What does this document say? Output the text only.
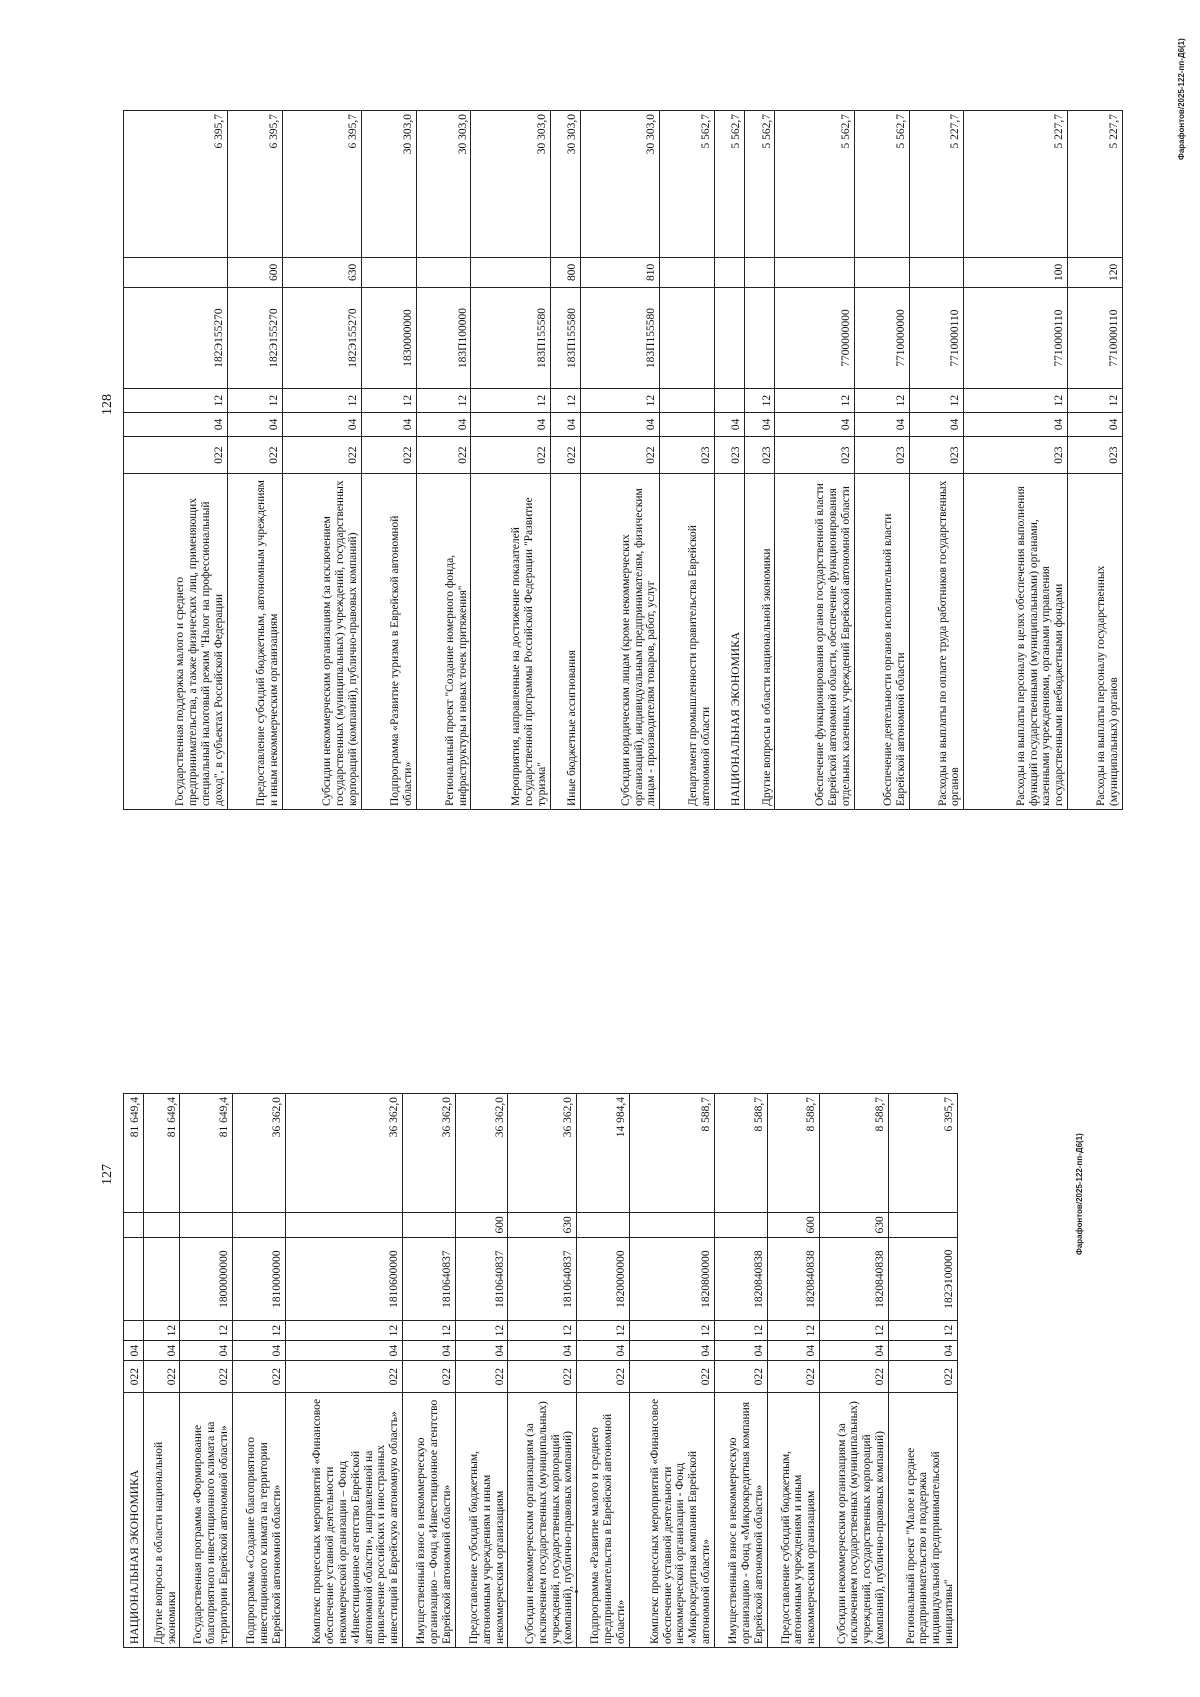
127
128
НАЦИОНАЛЬНАЯ ЭКОНОМИКА	022	04				81 649,4
Другие вопросы в области национальной экономики	022	04	12			81 649,4
Государственная программа «Формирование благоприятного инвестиционного климата на территории Еврейской автономной области»	022	04	12	1800000000		81 649,4
Подпрограмма «Создание благоприятного инвестиционного климата на территории Еврейской автономной области»	022	04	12	1810000000		36 362,0
Комплекс процессных мероприятий «Финансовое обеспечение уставной деятельности некоммерческой организации – Фонд «Инвестиционное агентство Еврейской автономной области», направленной на привлечение российских и иностранных инвестиций в Еврейскую автономную область»	022	04	12	1810600000		36 362,0
Имущественный взнос в некоммерческую организацию – Фонд «Инвестиционное агентство Еврейской автономной области»	022	04	12	1810640837		36 362,0
Предоставление субсидий бюджетным, автономным учреждениям и иным некоммерческим организациям	022	04	12	1810640837	600	36 362,0
Субсидии некоммерческим организациям (за исключением государственных (муниципальных) учреждений, государственных корпораций (компаний), публично-правовых компаний)	022	04	12	1810640837	630	36 362,0
Подпрограмма «Развитие малого и среднего предпринимательства в Еврейской автономной области»	022	04	12	1820000000		14 984,4
Комплекс процессных мероприятий «Финансовое обеспечение уставной деятельности некоммерческой организации - Фонд «Микрокредитная компания Еврейской автономной области»	022	04	12	1820800000		8 588,7
Имущественный взнос в некоммерческую организацию - Фонд «Микрокредитная компания Еврейской автономной области»	022	04	12	1820840838		8 588,7
Предоставление субсидий бюджетным, автономным учреждениям и иным некоммерческим организациям	022	04	12	1820840838	600	8 588,7
Субсидии некоммерческим организациям (за исключением государственных (муниципальных) учреждений, государственных корпораций (компаний), публично-правовых компаний)	022	04	12	1820840838	630	8 588,7
Региональный проект "Малое и среднее предпринимательство и поддержка индивидуальной предпринимательской инициативы"	022	04	12	182Э100000		6 395,7
Государственная поддержка малого и среднего предпринимательства, а также физических лиц, применяющих специальный налоговый режим "Налог на профессиональный доход", в субъектах Российской Федерации	022	04	12	182Э155270		6 395,7
Предоставление субсидий бюджетным, автономным учреждениям и иным некоммерческим организациям	022	04	12	182Э155270	600	6 395,7
Субсидии некоммерческим организациям (за исключением государственных (муниципальных) учреждений, государственных корпораций (компаний), публично-правовых компаний)	022	04	12	182Э155270	630	6 395,7
Подпрограмма «Развитие туризма в Еврейской автономной области»	022	04	12	1830000000		30 303,0
Региональный проект "Создание номерного фонда, инфраструктуры и новых точек притяжения"	022	04	12	183П100000		30 303,0
Мероприятия, направленные на достижение показателей государственной программы Российской Федерации "Развитие туризма"	022	04	12	183П155580		30 303,0
Иные бюджетные ассигнования	022	04	12	183П155580	800	30 303,0
Субсидии юридическим лицам (кроме некоммерческих организаций), индивидуальным предпринимателям, физическим лицам - производителям товаров, работ, услуг	022	04	12	183П155580	810	30 303,0
Департамент промышленности правительства Еврейской автономной области	023					5 562,7
НАЦИОНАЛЬНАЯ ЭКОНОМИКА	023	04				5 562,7
Другие вопросы в области национальной экономики	023	04	12			5 562,7
Обеспечение функционирования органов государственной власти Еврейской автономной области, обеспечение функционирования отдельных казенных учреждений Еврейской автономной области	023	04	12	7700000000		5 562,7
Обеспечение деятельности органов исполнительной власти Еврейской автономной области	023	04	12	7710000000		5 562,7
Расходы на выплаты по оплате труда работников государственных органов	023	04	12	7710000110		5 227,7
Расходы на выплаты персоналу в целях обеспечения выполнения функций государственными (муниципальными) органами, казенными учреждениями, органами управления государственными внебюджетными фондами	023	04	12	7710000110	100	5 227,7
Расходы на выплаты персоналу государственных (муниципальных) органов	023	04	12	7710000110	120	5 227,7
Фарафонтов/2025-122-пп-Д6(1)
Фарафонтов/2025-122-пп-Д6(1)
